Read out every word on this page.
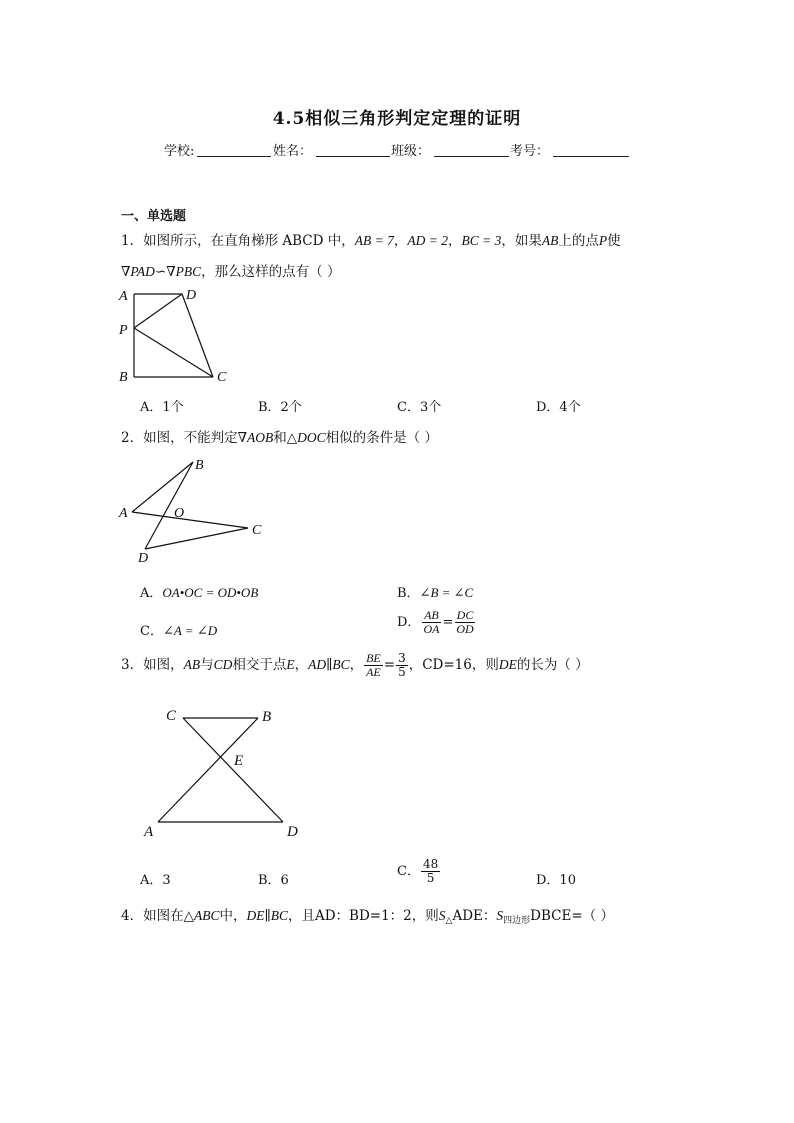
4.5相似三角形判定定理的证明
学校:	姓名：	班级：	考号：
一、单选题
1．如图所示，在直角梯形 ABCD 中，AB = 7，AD = 2，BC = 3，如果AB上的点P使
∇PAD∽∇PBC，那么这样的点有（ ）
A	D
P
B	C
A．1个	B．2个	C．3个	D．4个
2．如图，不能判定∇AOB和△DOC相似的条件是（ ）
B
A	O
C
D
A．OA•OC = OD•OB	B．∠B = ∠C
C．∠A = ∠D
D． $\frac{AB}{OA} = \frac{DC}{OD}$
3．如图，AB与CD相交于点E，AD∥BC， $\frac{BE}{AE} = \frac{3}{5}$ ，CD=16，则DE的长为（ ）
C	B
E
A	D
A．3	B．6
C． $\frac{48}{5}$	D．10
4．如图在△ABC中，DE∥BC，且AD：BD=1：2，则$S_\triangle ADE$：$S_{四边形}DBCE=$（ ）
